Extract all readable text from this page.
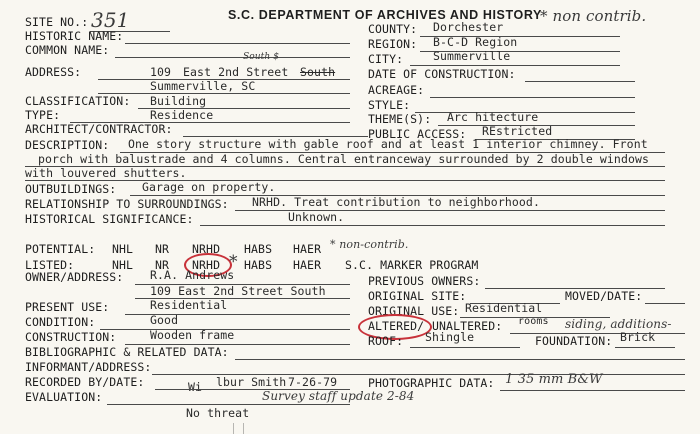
SITE NO.: 351	S.C. DEPARTMENT OF ARCHIVES AND HISTORY
* non contrib.
HISTORIC NAME:
COMMON NAME:	South $
ADDRESS:	109 East 2nd Street South
Summerville, SC
CLASSIFICATION: Building
TYPE:	Residence
ARCHITECT/CONTRACTOR:
COUNTY: Dorchester
REGION: B-C-D Region
CITY:	Summerville
DATE OF CONSTRUCTION:
ACREAGE:
STYLE:
THEME(S): Arc hitecture
PUBLIC ACCESS: REstricted
DESCRIPTION: One story structure with gable roof and at least 1 interior chimney. Front
porch with balustrade and 4 columns. Central entranceway surrounded by 2 double windows
with louvered shutters.
OUTBUILDINGS: Garage on property.
RELATIONSHIP TO SURROUNDINGS: NRHD. Treat contribution to neighborhood.
HISTORICAL SIGNIFICANCE:	Unknown.
POTENTIAL: NHL NR NRHD HABS HAER * non-contrib.
LISTED:	NHL NR NRHD * HABS HAER S.C. MARKER PROGRAM
OWNER/ADDRESS: R.A. Andrews
109 East 2nd Street South
PREVIOUS OWNERS:
ORIGINAL SITE:	MOVED/DATE:
ORIGINAL USE: Residential
ALTERED/ UNALTERED: rooms siding, additions-
ROOF: Shingle	FOUNDATION: Brick
PRESENT USE:	Residential
CONDITION:	Good
CONSTRUCTION:	Wooden frame
BIBLIOGRAPHIC & RELATED DATA:
INFORMANT/ADDRESS:
RECORDED BY/DATE:	Wi lbur Smith 7-26-79
Survey staff update 2-84
PHOTOGRAPHIC DATA: 1 35 mm B&W
EVALUATION:
No threat
